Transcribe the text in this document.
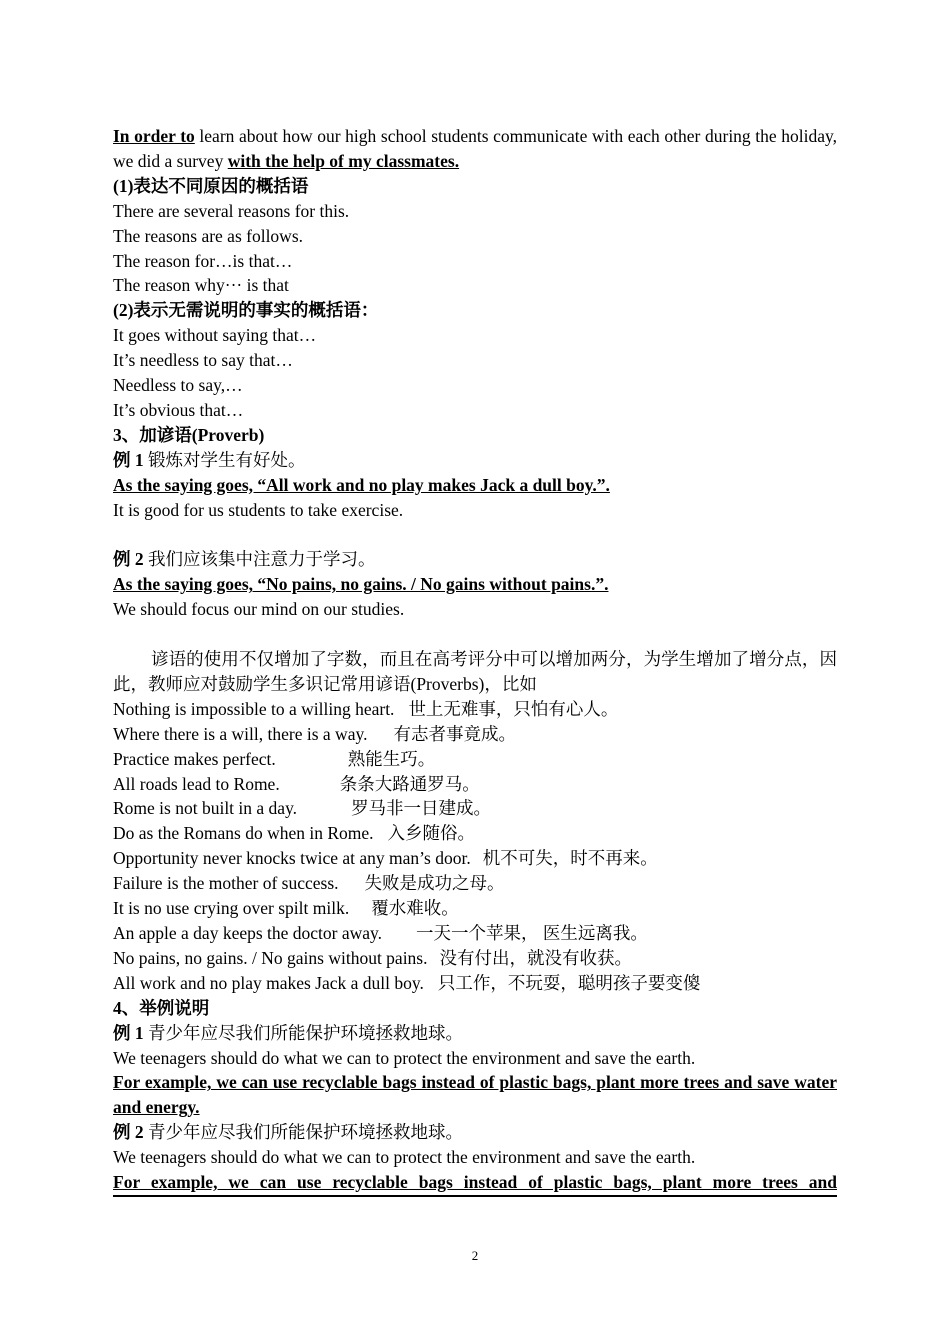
In order to learn about how our high school students communicate with each other during the holiday, we did a survey with the help of my classmates.
(1)表达不同原因的概括语
There are several reasons for this.
The reasons are as follows.
The reason for…is that…
The reason why··· is that
(2)表示无需说明的事实的概括语：
It goes without saying that…
It’s needless to say that…
Needless to say,…
It’s obvious that…
3、加谚语(Proverb)
例 1 锻炼对学生有好处。
As the saying goes, “All work and no play makes Jack a dull boy.”.
It is good for us students to take exercise.
例 2 我们应该集中注意力于学习。
As the saying goes, “No pains, no gains. / No gains without pains.”.
We should focus our mind on our studies.
谚语的使用不仅增加了字数，而且在高考评分中可以增加两分，为学生增加了增分点，因此，教师应对鼓励学生多识记常用谚语(Proverbs)，比如
Nothing is impossible to a willing heart. 世上无难事，只怕有心人。
Where there is a will, there is a way. 有志者事竟成。
Practice makes perfect.	熟能生巧。
All roads lead to Rome.	条条大路通罗马。
Rome is not built in a day.	罗马非一日建成。
Do as the Romans do when in Rome. 入乡随俗。
Opportunity never knocks twice at any man’s door. 机不可失，时不再来。
Failure is the mother of success. 失败是成功之母。
It is no use crying over spilt milk. 覆水难收。
An apple a day keeps the doctor away. 一天一个苹果， 医生远离我。
No pains, no gains. / No gains without pains. 没有付出，就没有收获。
All work and no play makes Jack a dull boy. 只工作，不玩耍，聪明孩子要变傻
4、举例说明
例 1 青少年应尽我们所能保护环境拯救地球。
We teenagers should do what we can to protect the environment and save the earth.
For example, we can use recyclable bags instead of plastic bags, plant more trees and save water and energy.
例 2 青少年应尽我们所能保护环境拯救地球。
We teenagers should do what we can to protect the environment and save the earth.
For example, we can use recyclable bags instead of plastic bags, plant more trees and
2
